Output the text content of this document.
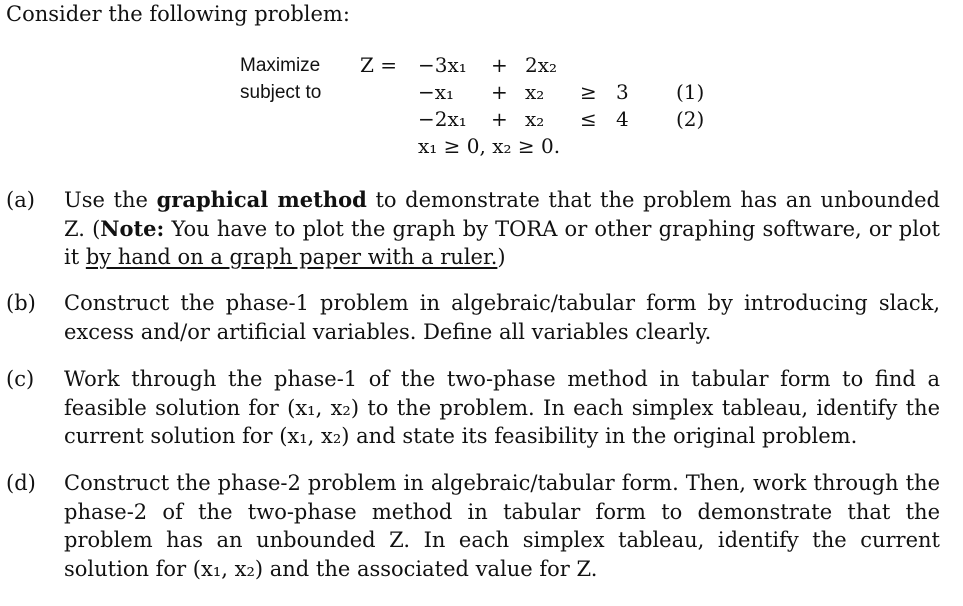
Consider the following problem:
Maximize Z = −3x₁ + 2x₂
subject to	−x₁ + x₂ ≥ 3 (1)
−2x₁ + x₂ ≤ 4 (2)
x₁ ≥ 0, x₂ ≥ 0.
(a) Use the graphical method to demonstrate that the problem has an unbounded Z. (Note: You have to plot the graph by TORA or other graphing software, or plot it by hand on a graph paper with a ruler.)
(b) Construct the phase-1 problem in algebraic/tabular form by introducing slack, excess and/or artificial variables. Define all variables clearly.
(c) Work through the phase-1 of the two-phase method in tabular form to find a feasible solution for (x₁, x₂) to the problem. In each simplex tableau, identify the current solution for (x₁, x₂) and state its feasibility in the original problem.
(d) Construct the phase-2 problem in algebraic/tabular form. Then, work through the phase-2 of the two-phase method in tabular form to demonstrate that the problem has an unbounded Z. In each simplex tableau, identify the current solution for (x₁, x₂) and the associated value for Z.
